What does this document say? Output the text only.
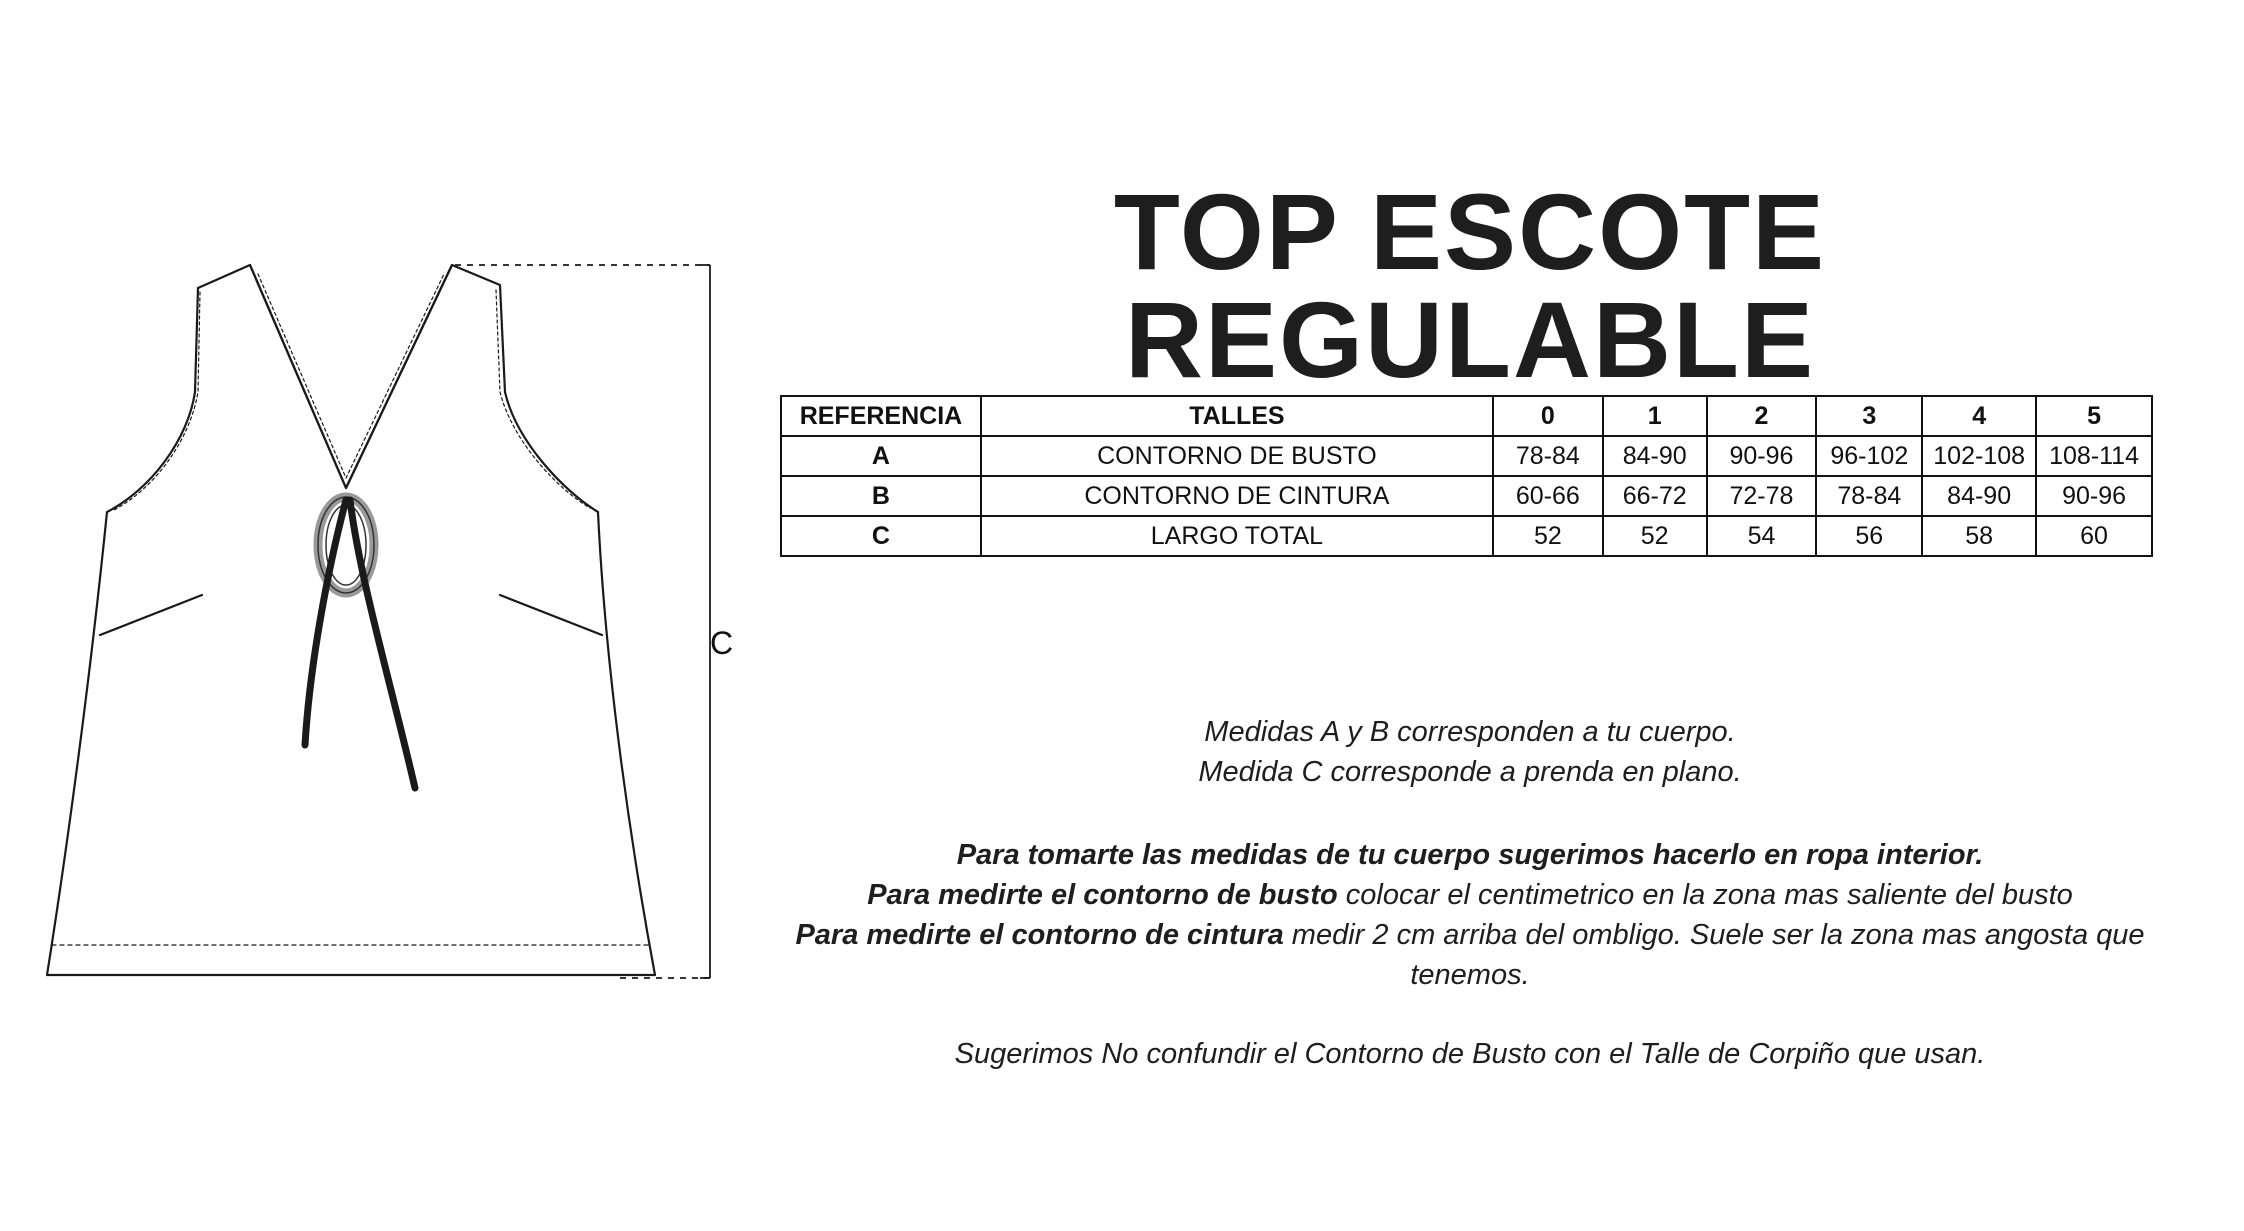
C
TOP ESCOTE REGULABLE
REFERENCIA	TALLES	0	1	2	3	4	5
A	CONTORNO DE BUSTO	78-84	84-90	90-96	96-102	102-108	108-114
B	CONTORNO DE CINTURA	60-66	66-72	72-78	78-84	84-90	90-96
C	LARGO TOTAL	52	52	54	56	58	60

Medidas A y B corresponden a tu cuerpo.

Medida C corresponde a prenda en plano.

Para tomarte las medidas de tu cuerpo sugerimos hacerlo en ropa interior.

Para medirte el contorno de busto colocar el centimetrico en la zona mas saliente del busto

Para medirte el contorno de cintura medir 2 cm arriba del ombligo. Suele ser la zona mas angosta que tenemos.

Sugerimos No confundir el Contorno de Busto con el Talle de Corpiño que usan.
